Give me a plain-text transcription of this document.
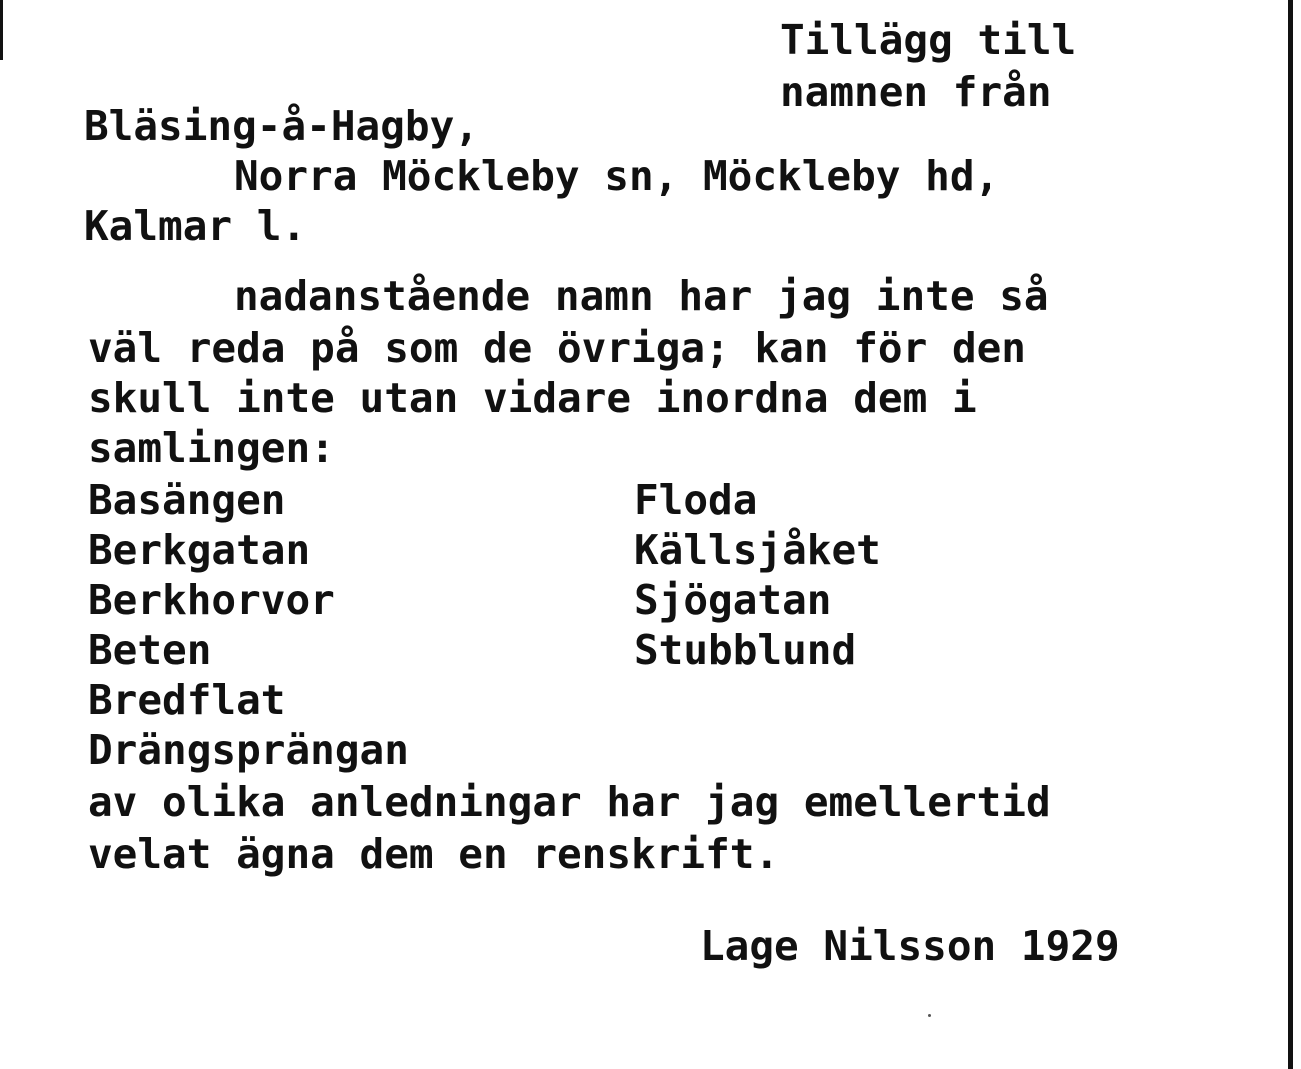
Tillägg till
namnen från
Bläsing-å-Hagby,
Norra Möckleby sn, Möckleby hd,
Kalmar l.
nadanstående namn har jag inte så
väl reda på som de övriga; kan för den
skull inte utan vidare inordna dem i
samlingen:
Basängen
Berkgatan
Berkhorvor
Beten
Bredflat
Drängsprängan
Floda
Källsjåket
Sjögatan
Stubblund
av olika anledningar har jag emellertid
velat ägna dem en renskrift.
Lage Nilsson 1929
